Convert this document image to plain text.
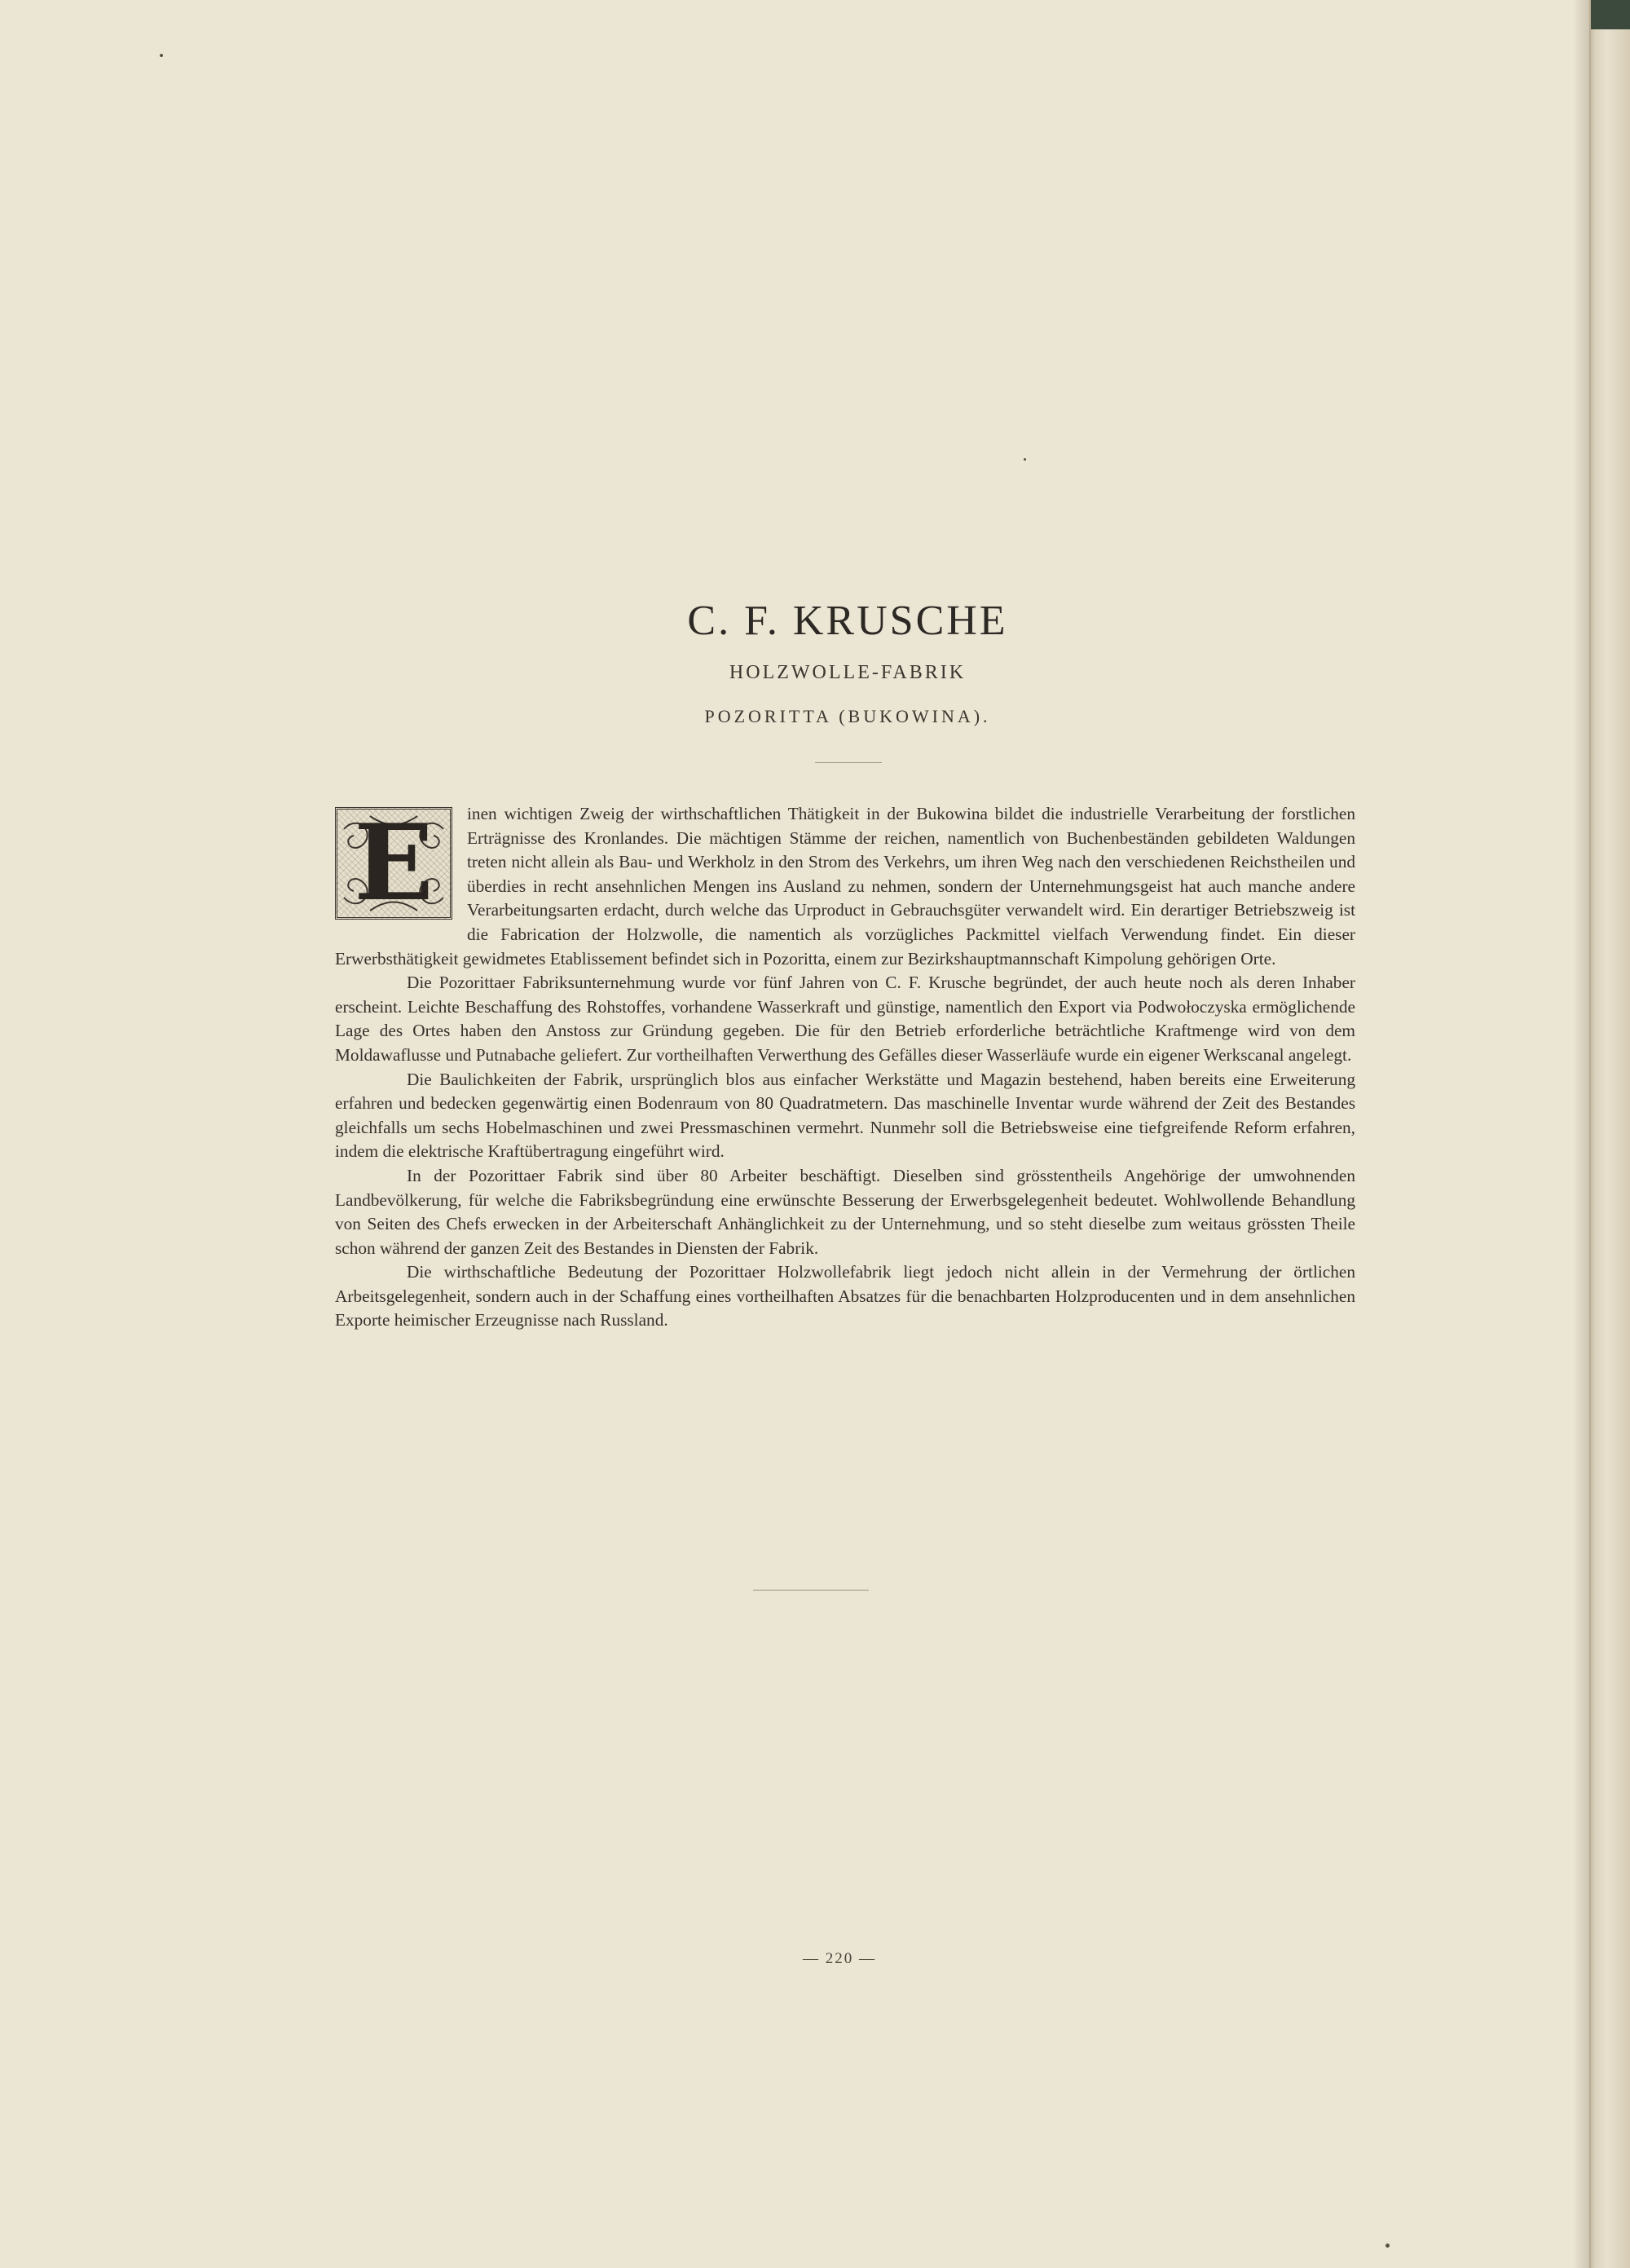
C. F. KRUSCHE
HOLZWOLLE-FABRIK
POZORITTA (BUKOWINA).

E	inen wichtigen Zweig der wirthschaftlichen Thätigkeit in der Bukowina bildet die industrielle Verarbeitung der forstlichen Erträgnisse des Kronlandes. Die mächtigen Stämme der reichen, namentlich von Buchenbeständen gebildeten Waldungen treten nicht allein als Bau- und Werkholz in den Strom des Verkehrs, um ihren Weg nach den verschiedenen Reichstheilen und überdies in recht ansehnlichen Mengen ins Ausland zu nehmen, sondern der Unternehmungsgeist hat auch manche andere Verarbeitungsarten erdacht, durch welche das Urproduct in Gebrauchsgüter verwandelt wird. Ein derartiger Betriebszweig ist die Fabrication der Holzwolle, die namentich als vorzügliches Packmittel vielfach Verwendung findet. Ein dieser Erwerbsthätigkeit gewidmetes Etablissement befindet sich in Pozoritta, einem zur Bezirkshauptmannschaft Kimpolung gehörigen Orte.

Die Pozorittaer Fabriksunternehmung wurde vor fünf Jahren von C. F. Krusche begründet, der auch heute noch als deren Inhaber erscheint. Leichte Beschaffung des Rohstoffes, vorhandene Wasserkraft und günstige, namentlich den Export via Podwołoczyska ermöglichende Lage des Ortes haben den Anstoss zur Gründung gegeben. Die für den Betrieb erforderliche beträchtliche Kraftmenge wird von dem Moldawaflusse und Putnabache geliefert. Zur vortheilhaften Verwerthung des Gefälles dieser Wasserläufe wurde ein eigener Werkscanal angelegt.

Die Baulichkeiten der Fabrik, ursprünglich blos aus einfacher Werkstätte und Magazin bestehend, haben bereits eine Erweiterung erfahren und bedecken gegenwärtig einen Bodenraum von 80 Quadratmetern. Das maschinelle Inventar wurde während der Zeit des Bestandes gleichfalls um sechs Hobelmaschinen und zwei Pressmaschinen vermehrt. Nunmehr soll die Betriebsweise eine tiefgreifende Reform erfahren, indem die elektrische Kraftübertragung eingeführt wird.

In der Pozorittaer Fabrik sind über 80 Arbeiter beschäftigt. Dieselben sind grösstentheils Angehörige der umwohnenden Landbevölkerung, für welche die Fabriksbegründung eine erwünschte Besserung der Erwerbsgelegenheit bedeutet. Wohlwollende Behandlung von Seiten des Chefs erwecken in der Arbeiterschaft Anhänglichkeit zu der Unternehmung, und so steht dieselbe zum weitaus grössten Theile schon während der ganzen Zeit des Bestandes in Diensten der Fabrik.

Die wirthschaftliche Bedeutung der Pozorittaer Holzwollefabrik liegt jedoch nicht allein in der Vermehrung der örtlichen Arbeitsgelegenheit, sondern auch in der Schaffung eines vortheilhaften Absatzes für die benachbarten Holzproducenten und in dem ansehnlichen Exporte heimischer Erzeugnisse nach Russland.

— 220 —
